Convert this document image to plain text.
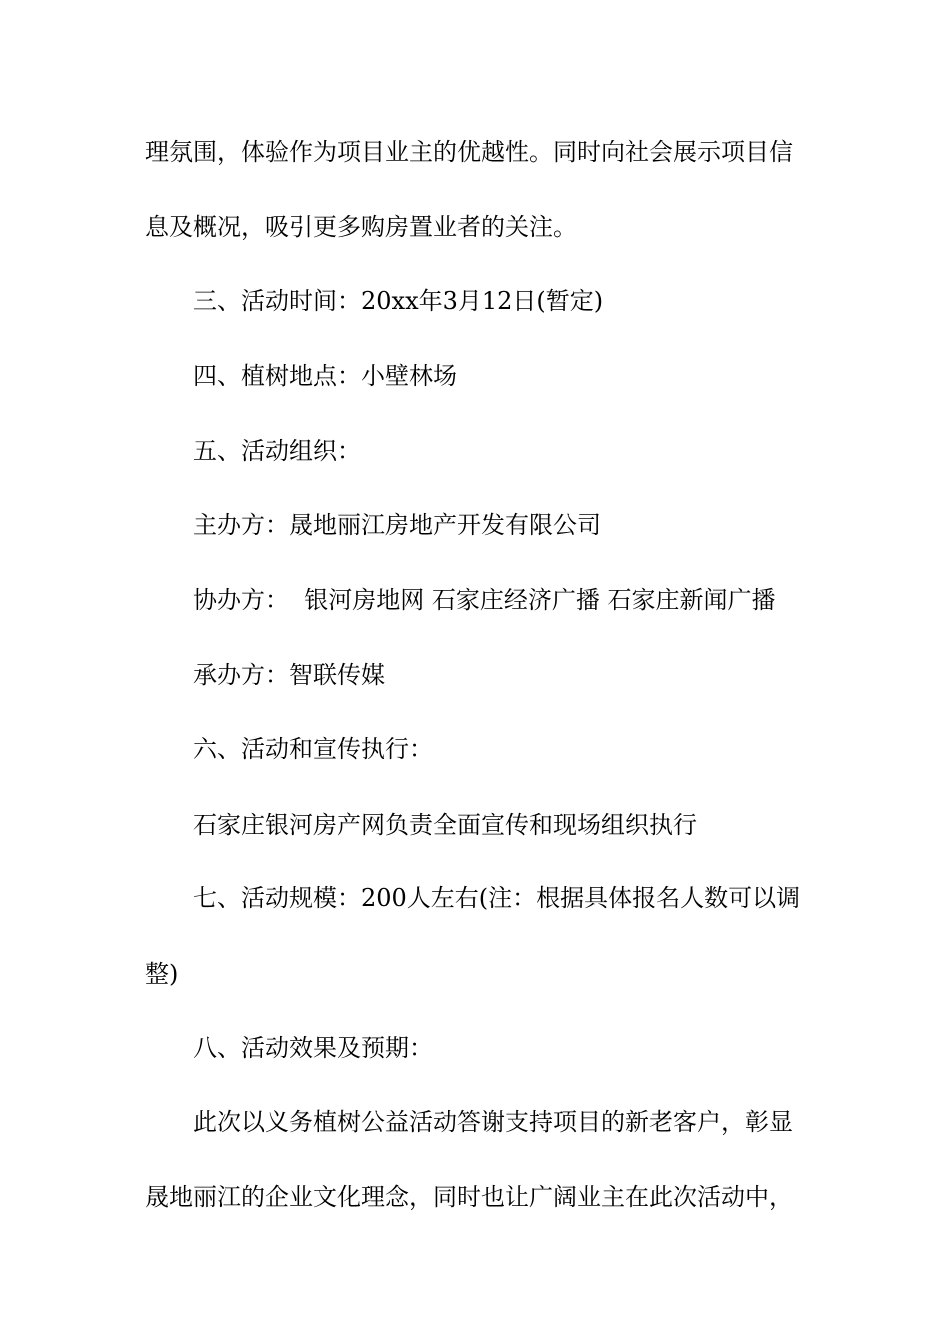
理氛围，体验作为项目业主的优越性。同时向社会展示项目信
息及概况，吸引更多购房置业者的关注。
三、活动时间：20xx年3月12日(暂定)
四、植树地点：小壁林场
五、活动组织：
主办方：晟地丽江房地产开发有限公司
协办方：  银河房地网 石家庄经济广播 石家庄新闻广播
承办方：智联传媒
六、活动和宣传执行：
石家庄银河房产网负责全面宣传和现场组织执行
七、活动规模：200人左右(注：根据具体报名人数可以调
整)
八、活动效果及预期：
此次以义务植树公益活动答谢支持项目的新老客户，彰显
晟地丽江的企业文化理念，同时也让广阔业主在此次活动中，
